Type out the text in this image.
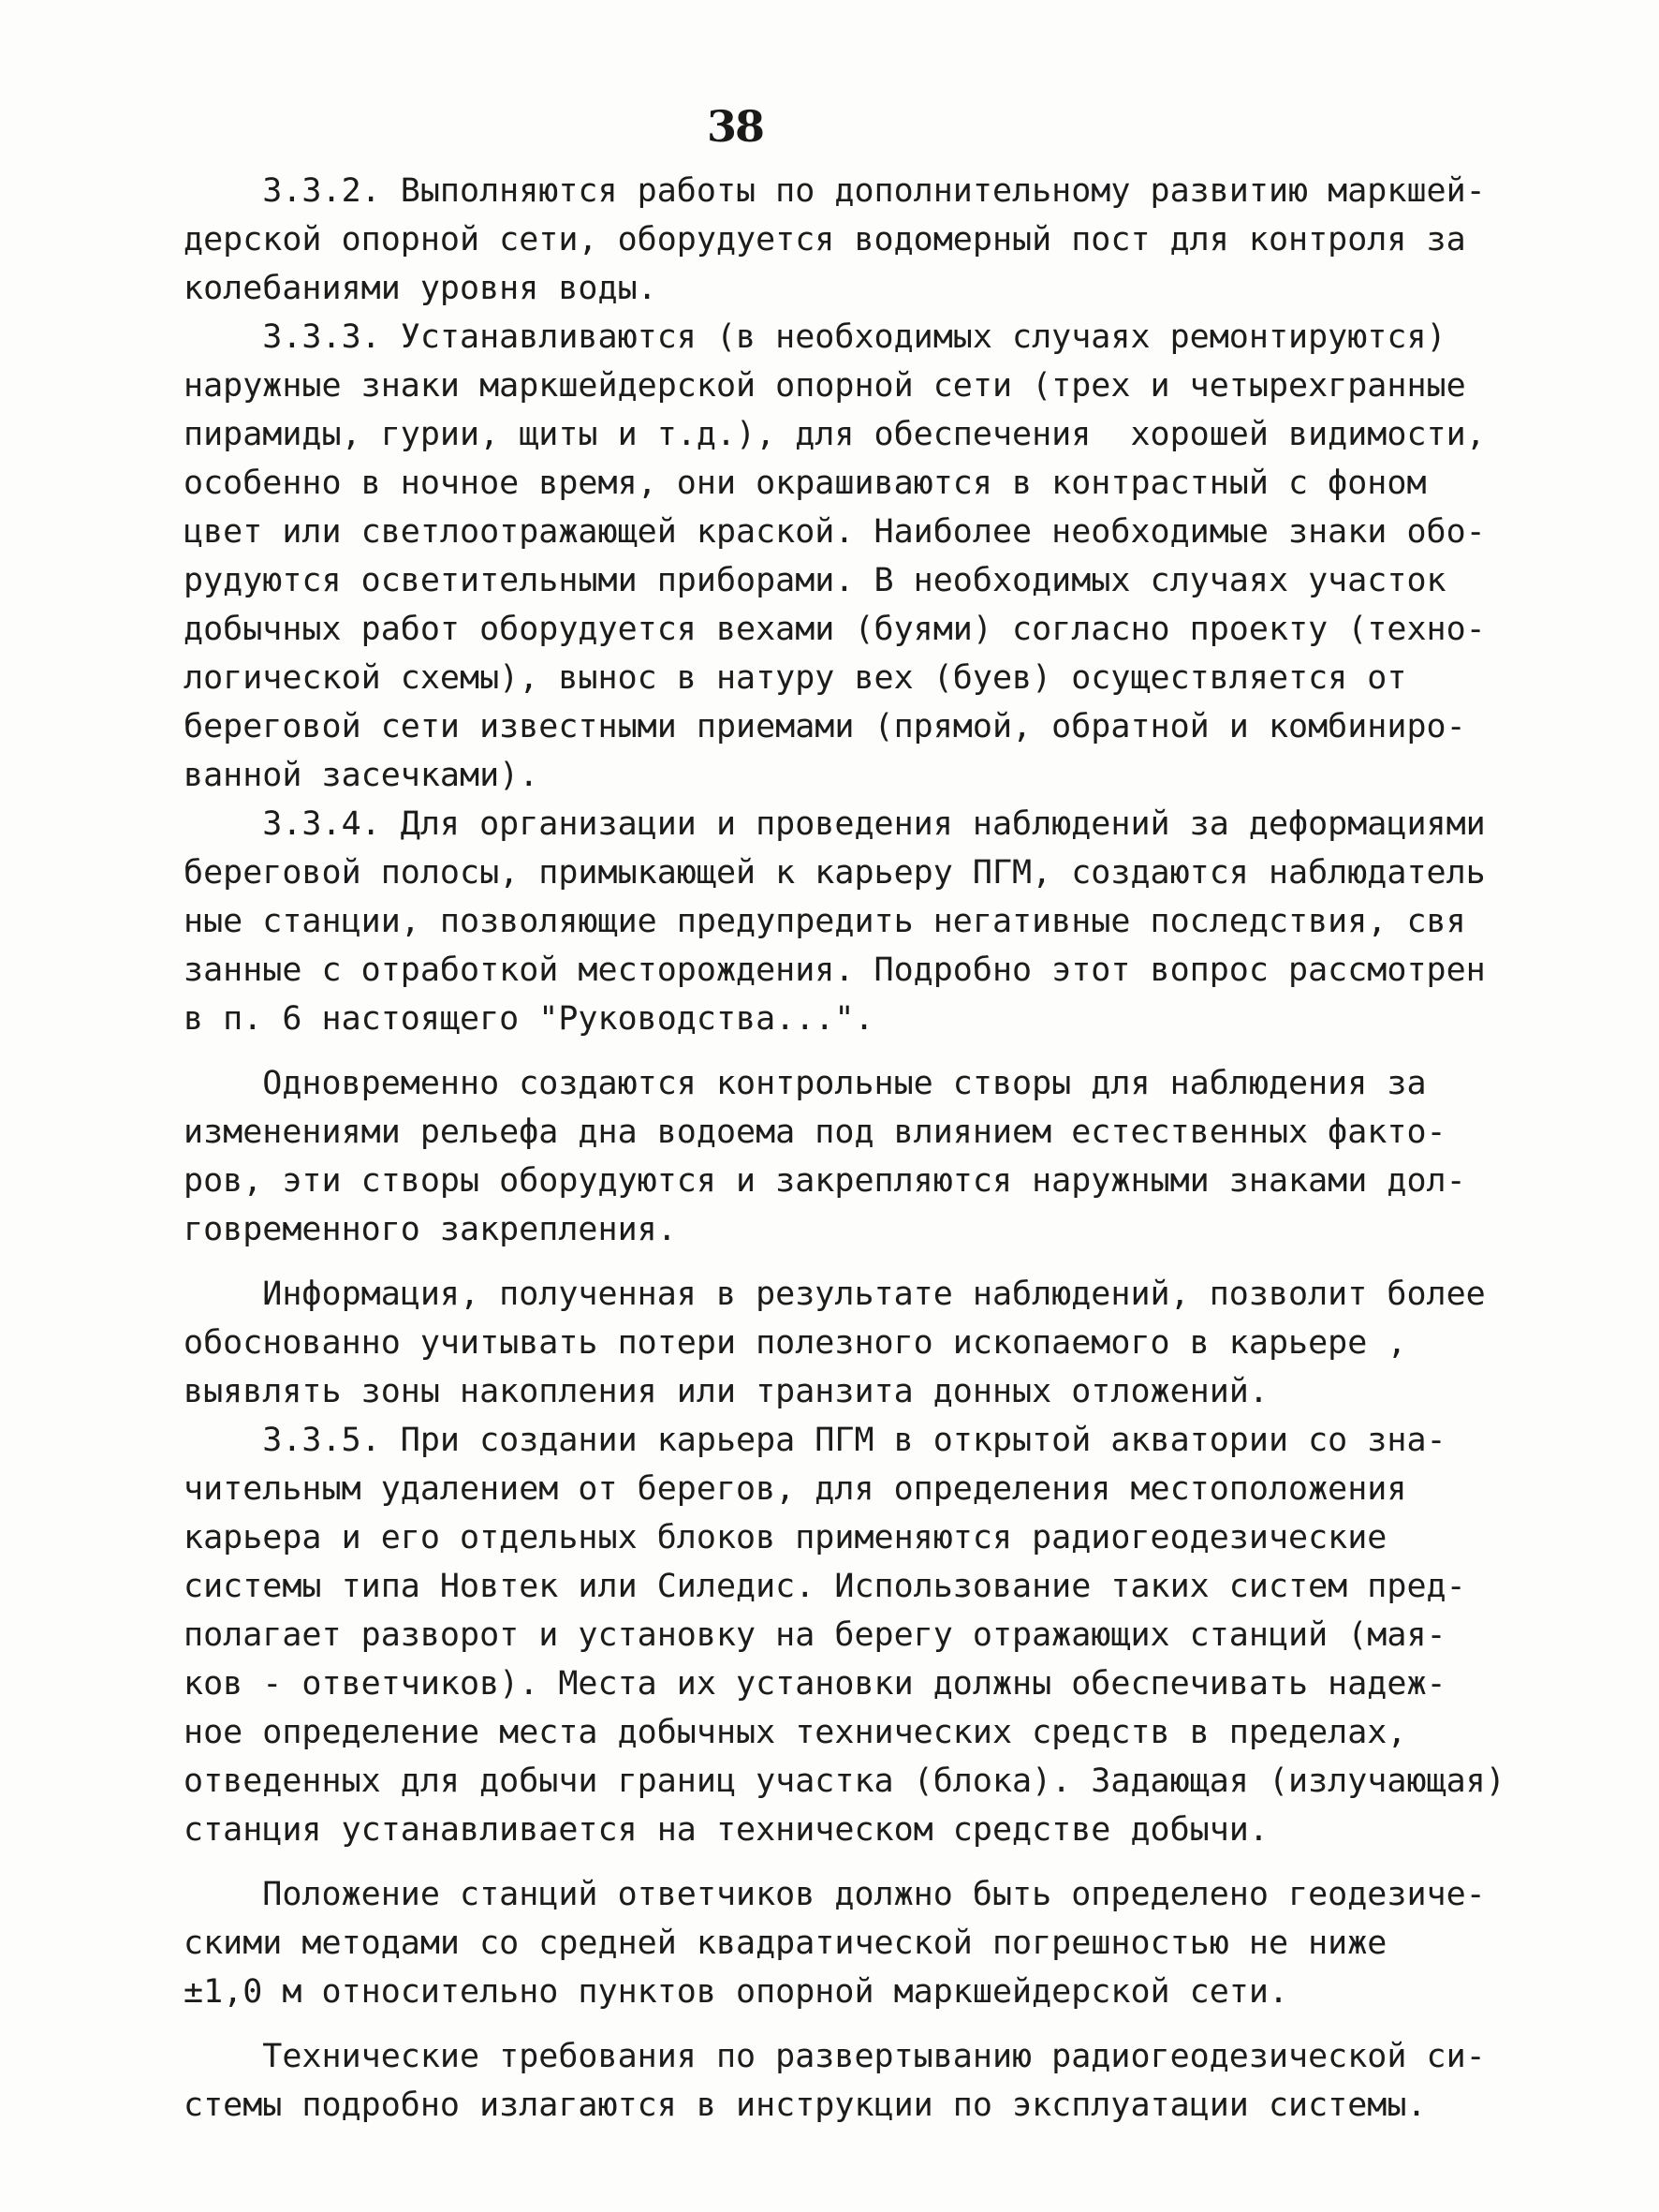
38
3.3.2. Выполняются работы по дополнительному развитию маркшей-
дерской опорной сети, оборудуется водомерный пост для контроля за
колебаниями уровня воды.
3.3.3. Устанавливаются (в необходимых случаях ремонтируются)
наружные знаки маркшейдерской опорной сети (трех и четырехгранные
пирамиды, гурии, щиты и т.д.), для обеспечения  хорошей видимости,
особенно в ночное время, они окрашиваются в контрастный с фоном
цвет или светлоотражающей краской. Наиболее необходимые знаки обо-
рудуются осветительными приборами. В необходимых случаях участок
добычных работ оборудуется вехами (буями) согласно проекту (техно-
логической схемы), вынос в натуру вех (буев) осуществляется от
береговой сети известными приемами (прямой, обратной и комбиниро-
ванной засечками).
3.3.4. Для организации и проведения наблюдений за деформациями
береговой полосы, примыкающей к карьеру ПГМ, создаются наблюдатель
ные станции, позволяющие предупредить негативные последствия, свя
занные с отработкой месторождения. Подробно этот вопрос рассмотрен
в п. 6 настоящего "Руководства...".
Одновременно создаются контрольные створы для наблюдения за
изменениями рельефа дна водоема под влиянием естественных факто-
ров, эти створы оборудуются и закрепляются наружными знаками дол-
говременного закрепления.
Информация, полученная в результате наблюдений, позволит более
обоснованно учитывать потери полезного ископаемого в карьере ,
выявлять зоны накопления или транзита донных отложений.
3.3.5. При создании карьера ПГМ в открытой акватории со зна-
чительным удалением от берегов, для определения местоположения
карьера и его отдельных блоков применяются радиогеодезические
системы типа Новтек или Силедис. Использование таких систем пред-
полагает разворот и установку на берегу отражающих станций (мая-
ков - ответчиков). Места их установки должны обеспечивать надеж-
ное определение места добычных технических средств в пределах,
отведенных для добычи границ участка (блока). Задающая (излучающая)
станция устанавливается на техническом средстве добычи.
Положение станций ответчиков должно быть определено геодезиче-
скими методами со средней квадратической погрешностью не ниже
±1,0 м относительно пунктов опорной маркшейдерской сети.
Технические требования по развертыванию радиогеодезической си-
стемы подробно излагаются в инструкции по эксплуатации системы.
